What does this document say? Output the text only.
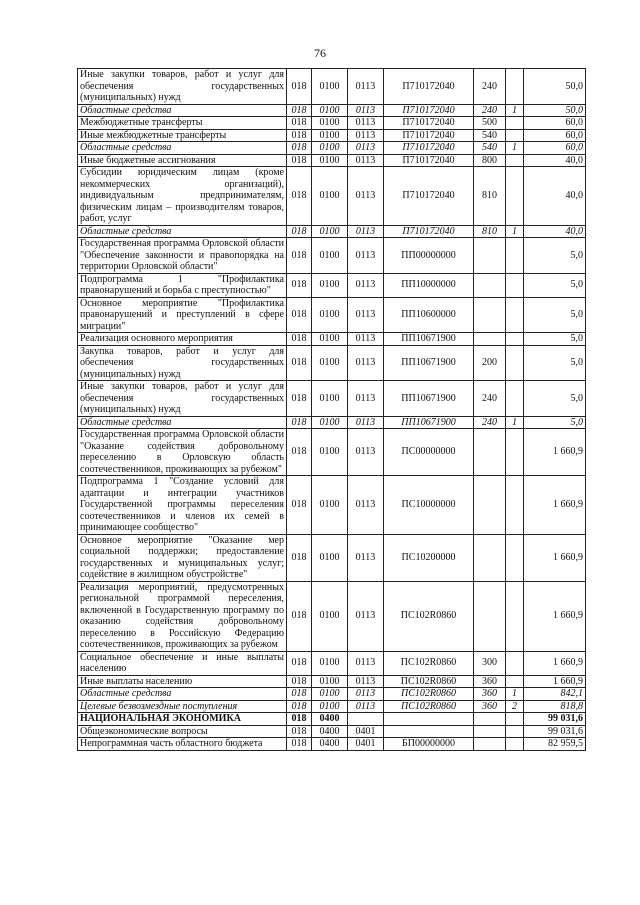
76
Иные закупки товаров, работ и услуг для обеспечения государственных (муниципальных) нужд	018	0100	0113	П710172040	240		50,0
Областные средства	018	0100	0113	П710172040	240	1	50,0
Межбюджетные трансферты	018	0100	0113	П710172040	500		60,0
Иные межбюджетные трансферты	018	0100	0113	П710172040	540		60,0
Областные средства	018	0100	0113	П710172040	540	1	60,0
Иные бюджетные ассигнования	018	0100	0113	П710172040	800		40,0
Субсидии юридическим лицам (кроме некоммерческих организаций), индивидуальным предпринимателям, физическим лицам – производителям товаров, работ, услуг	018	0100	0113	П710172040	810		40,0
Областные средства	018	0100	0113	П710172040	810	1	40,0
Государственная программа Орловской области "Обеспечение законности и правопорядка на территории Орловской области"	018	0100	0113	ПП00000000			5,0
Подпрограмма 1 "Профилактика правонарушений и борьба с преступностью"	018	0100	0113	ПП10000000			5,0
Основное мероприятие "Профилактика правонарушений и преступлений в сфере миграции"	018	0100	0113	ПП10600000			5,0
Реализация основного мероприятия	018	0100	0113	ПП10671900			5,0
Закупка товаров, работ и услуг для обеспечения государственных (муниципальных) нужд	018	0100	0113	ПП10671900	200		5,0
Иные закупки товаров, работ и услуг для обеспечения государственных (муниципальных) нужд	018	0100	0113	ПП10671900	240		5,0
Областные средства	018	0100	0113	ПП10671900	240	1	5,0
Государственная программа Орловской области "Оказание содействия добровольному переселению в Орловскую область соотечественников, проживающих за рубежом"	018	0100	0113	ПС00000000			1 660,9
Подпрограмма 1 "Создание условий для адаптации и интеграции участников Государственной программы переселения соотечественников и членов их семей в принимающее сообщество"	018	0100	0113	ПС10000000			1 660,9
Основное мероприятие "Оказание мер социальной поддержки; предоставление государственных и муниципальных услуг; содействие в жилищном обустройстве"	018	0100	0113	ПС10200000			1 660,9
Реализация мероприятий, предусмотренных региональной программой переселения, включенной в Государственную программу по оказанию содействия добровольному переселению в Российскую Федерацию соотечественников, проживающих за рубежом	018	0100	0113	ПС102R0860			1 660,9
Социальное обеспечение и иные выплаты населению	018	0100	0113	ПС102R0860	300		1 660,9
Иные выплаты населению	018	0100	0113	ПС102R0860	360		1 660,9
Областные средства	018	0100	0113	ПС102R0860	360	1	842,1
Целевые безвозмездные поступления	018	0100	0113	ПС102R0860	360	2	818,8
НАЦИОНАЛЬНАЯ ЭКОНОМИКА	018	0400					99 031,6
Общеэкономические вопросы	018	0400	0401				99 031,6
Непрограммная часть областного бюджета	018	0400	0401	БП00000000			82 959,5
